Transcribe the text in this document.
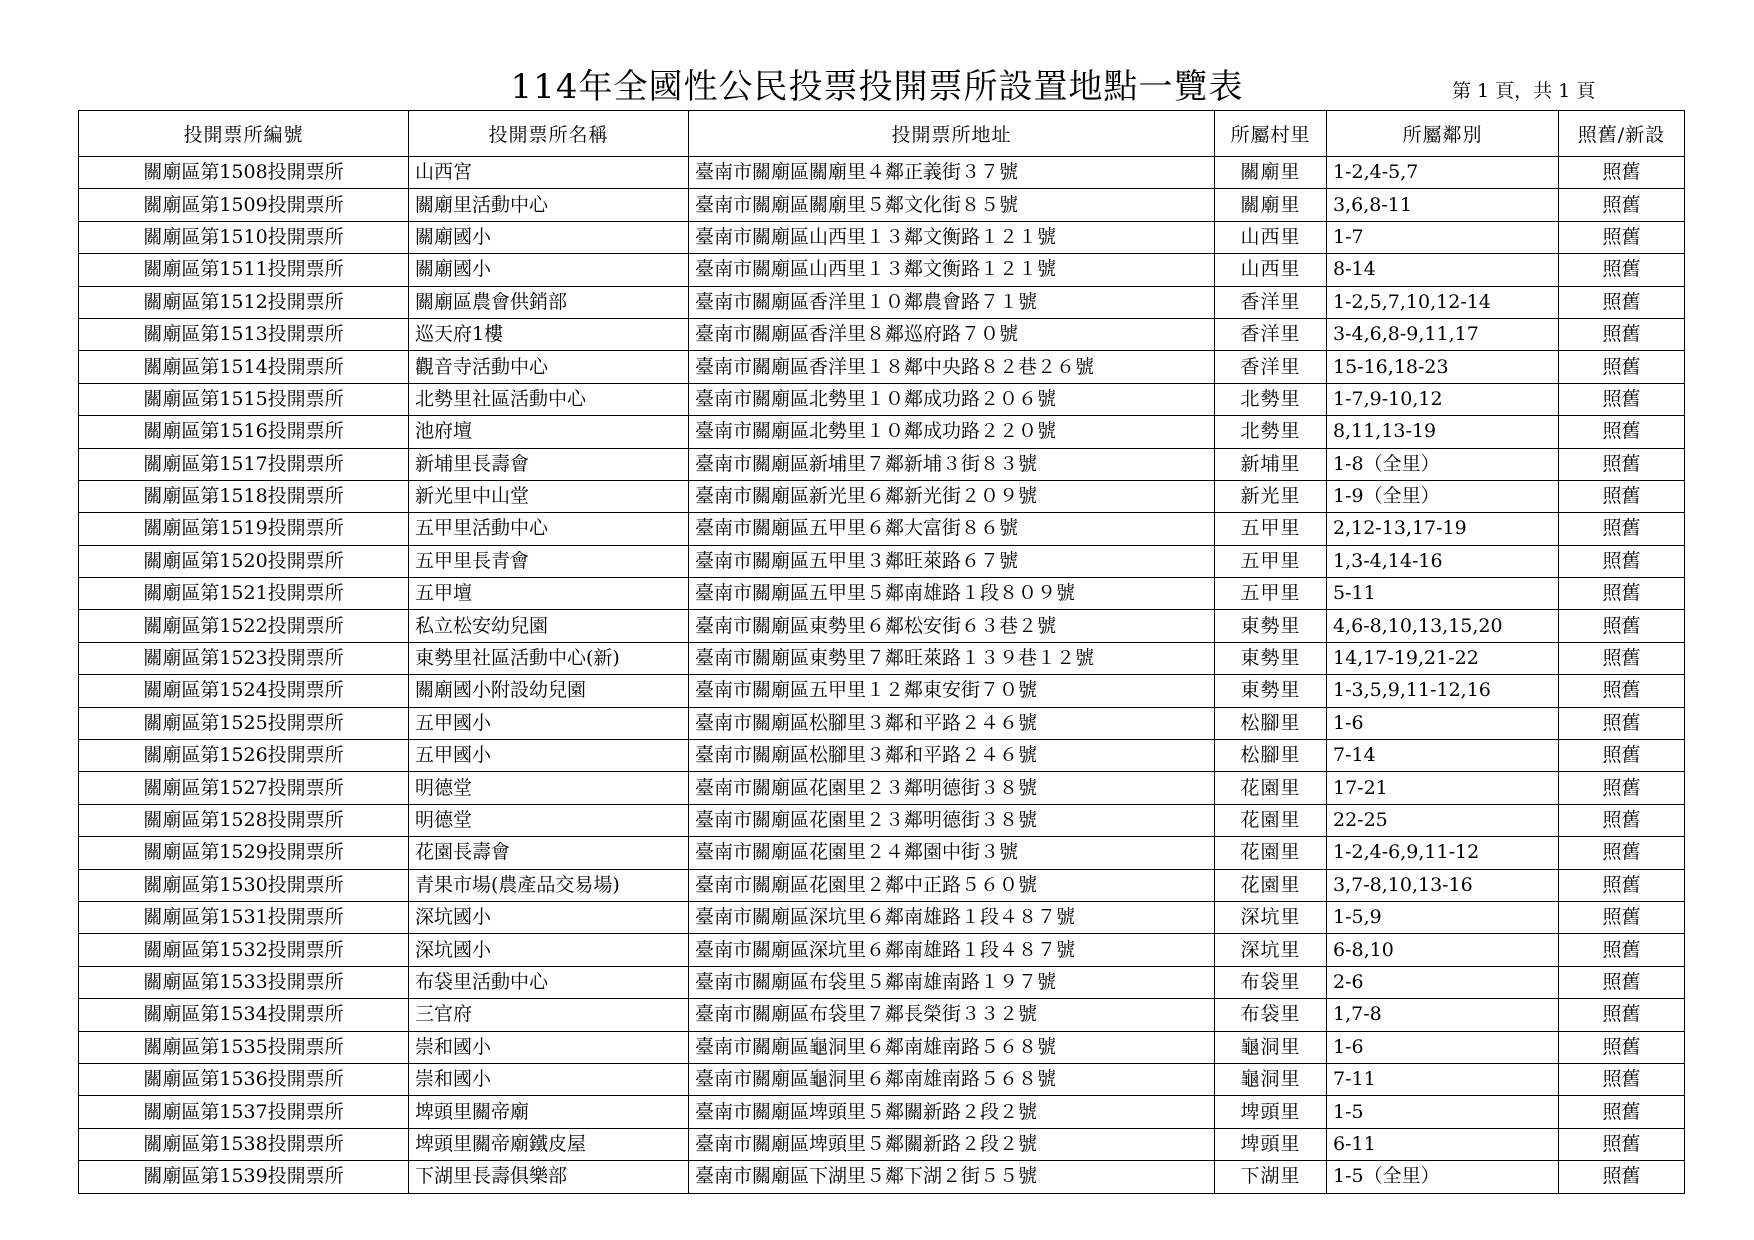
114年全國性公民投票投開票所設置地點一覽表	第 1 頁，共 1 頁
投開票所編號	投開票所名稱	投開票所地址	所屬村里	所屬鄰別	照舊/新設
關廟區第1508投開票所	山西宮	臺南市關廟區關廟里４鄰正義街３７號	關廟里	1-2,4-5,7	照舊
關廟區第1509投開票所	關廟里活動中心	臺南市關廟區關廟里５鄰文化街８５號	關廟里	3,6,8-11	照舊
關廟區第1510投開票所	關廟國小	臺南市關廟區山西里１３鄰文衡路１２１號	山西里	1-7	照舊
關廟區第1511投開票所	關廟國小	臺南市關廟區山西里１３鄰文衡路１２１號	山西里	8-14	照舊
關廟區第1512投開票所	關廟區農會供銷部	臺南市關廟區香洋里１０鄰農會路７１號	香洋里	1-2,5,7,10,12-14	照舊
關廟區第1513投開票所	巡天府1樓	臺南市關廟區香洋里８鄰巡府路７０號	香洋里	3-4,6,8-9,11,17	照舊
關廟區第1514投開票所	觀音寺活動中心	臺南市關廟區香洋里１８鄰中央路８２巷２６號	香洋里	15-16,18-23	照舊
關廟區第1515投開票所	北勢里社區活動中心	臺南市關廟區北勢里１０鄰成功路２０６號	北勢里	1-7,9-10,12	照舊
關廟區第1516投開票所	池府壇	臺南市關廟區北勢里１０鄰成功路２２０號	北勢里	8,11,13-19	照舊
關廟區第1517投開票所	新埔里長壽會	臺南市關廟區新埔里７鄰新埔３街８３號	新埔里	1-8（全里）	照舊
關廟區第1518投開票所	新光里中山堂	臺南市關廟區新光里６鄰新光街２０９號	新光里	1-9（全里）	照舊
關廟區第1519投開票所	五甲里活動中心	臺南市關廟區五甲里６鄰大富街８６號	五甲里	2,12-13,17-19	照舊
關廟區第1520投開票所	五甲里長青會	臺南市關廟區五甲里３鄰旺萊路６７號	五甲里	1,3-4,14-16	照舊
關廟區第1521投開票所	五甲壇	臺南市關廟區五甲里５鄰南雄路１段８０９號	五甲里	5-11	照舊
關廟區第1522投開票所	私立松安幼兒園	臺南市關廟區東勢里６鄰松安街６３巷２號	東勢里	4,6-8,10,13,15,20	照舊
關廟區第1523投開票所	東勢里社區活動中心(新)	臺南市關廟區東勢里７鄰旺萊路１３９巷１２號	東勢里	14,17-19,21-22	照舊
關廟區第1524投開票所	關廟國小附設幼兒園	臺南市關廟區五甲里１２鄰東安街７０號	東勢里	1-3,5,9,11-12,16	照舊
關廟區第1525投開票所	五甲國小	臺南市關廟區松腳里３鄰和平路２４６號	松腳里	1-6	照舊
關廟區第1526投開票所	五甲國小	臺南市關廟區松腳里３鄰和平路２４６號	松腳里	7-14	照舊
關廟區第1527投開票所	明德堂	臺南市關廟區花園里２３鄰明德街３８號	花園里	17-21	照舊
關廟區第1528投開票所	明德堂	臺南市關廟區花園里２３鄰明德街３８號	花園里	22-25	照舊
關廟區第1529投開票所	花園長壽會	臺南市關廟區花園里２４鄰園中街３號	花園里	1-2,4-6,9,11-12	照舊
關廟區第1530投開票所	青果市場(農產品交易場)	臺南市關廟區花園里２鄰中正路５６０號	花園里	3,7-8,10,13-16	照舊
關廟區第1531投開票所	深坑國小	臺南市關廟區深坑里６鄰南雄路１段４８７號	深坑里	1-5,9	照舊
關廟區第1532投開票所	深坑國小	臺南市關廟區深坑里６鄰南雄路１段４８７號	深坑里	6-8,10	照舊
關廟區第1533投開票所	布袋里活動中心	臺南市關廟區布袋里５鄰南雄南路１９７號	布袋里	2-6	照舊
關廟區第1534投開票所	三官府	臺南市關廟區布袋里７鄰長榮街３３２號	布袋里	1,7-8	照舊
關廟區第1535投開票所	崇和國小	臺南市關廟區龜洞里６鄰南雄南路５６８號	龜洞里	1-6	照舊
關廟區第1536投開票所	崇和國小	臺南市關廟區龜洞里６鄰南雄南路５６８號	龜洞里	7-11	照舊
關廟區第1537投開票所	埤頭里關帝廟	臺南市關廟區埤頭里５鄰關新路２段２號	埤頭里	1-5	照舊
關廟區第1538投開票所	埤頭里關帝廟鐵皮屋	臺南市關廟區埤頭里５鄰關新路２段２號	埤頭里	6-11	照舊
關廟區第1539投開票所	下湖里長壽俱樂部	臺南市關廟區下湖里５鄰下湖２街５５號	下湖里	1-5（全里）	照舊
